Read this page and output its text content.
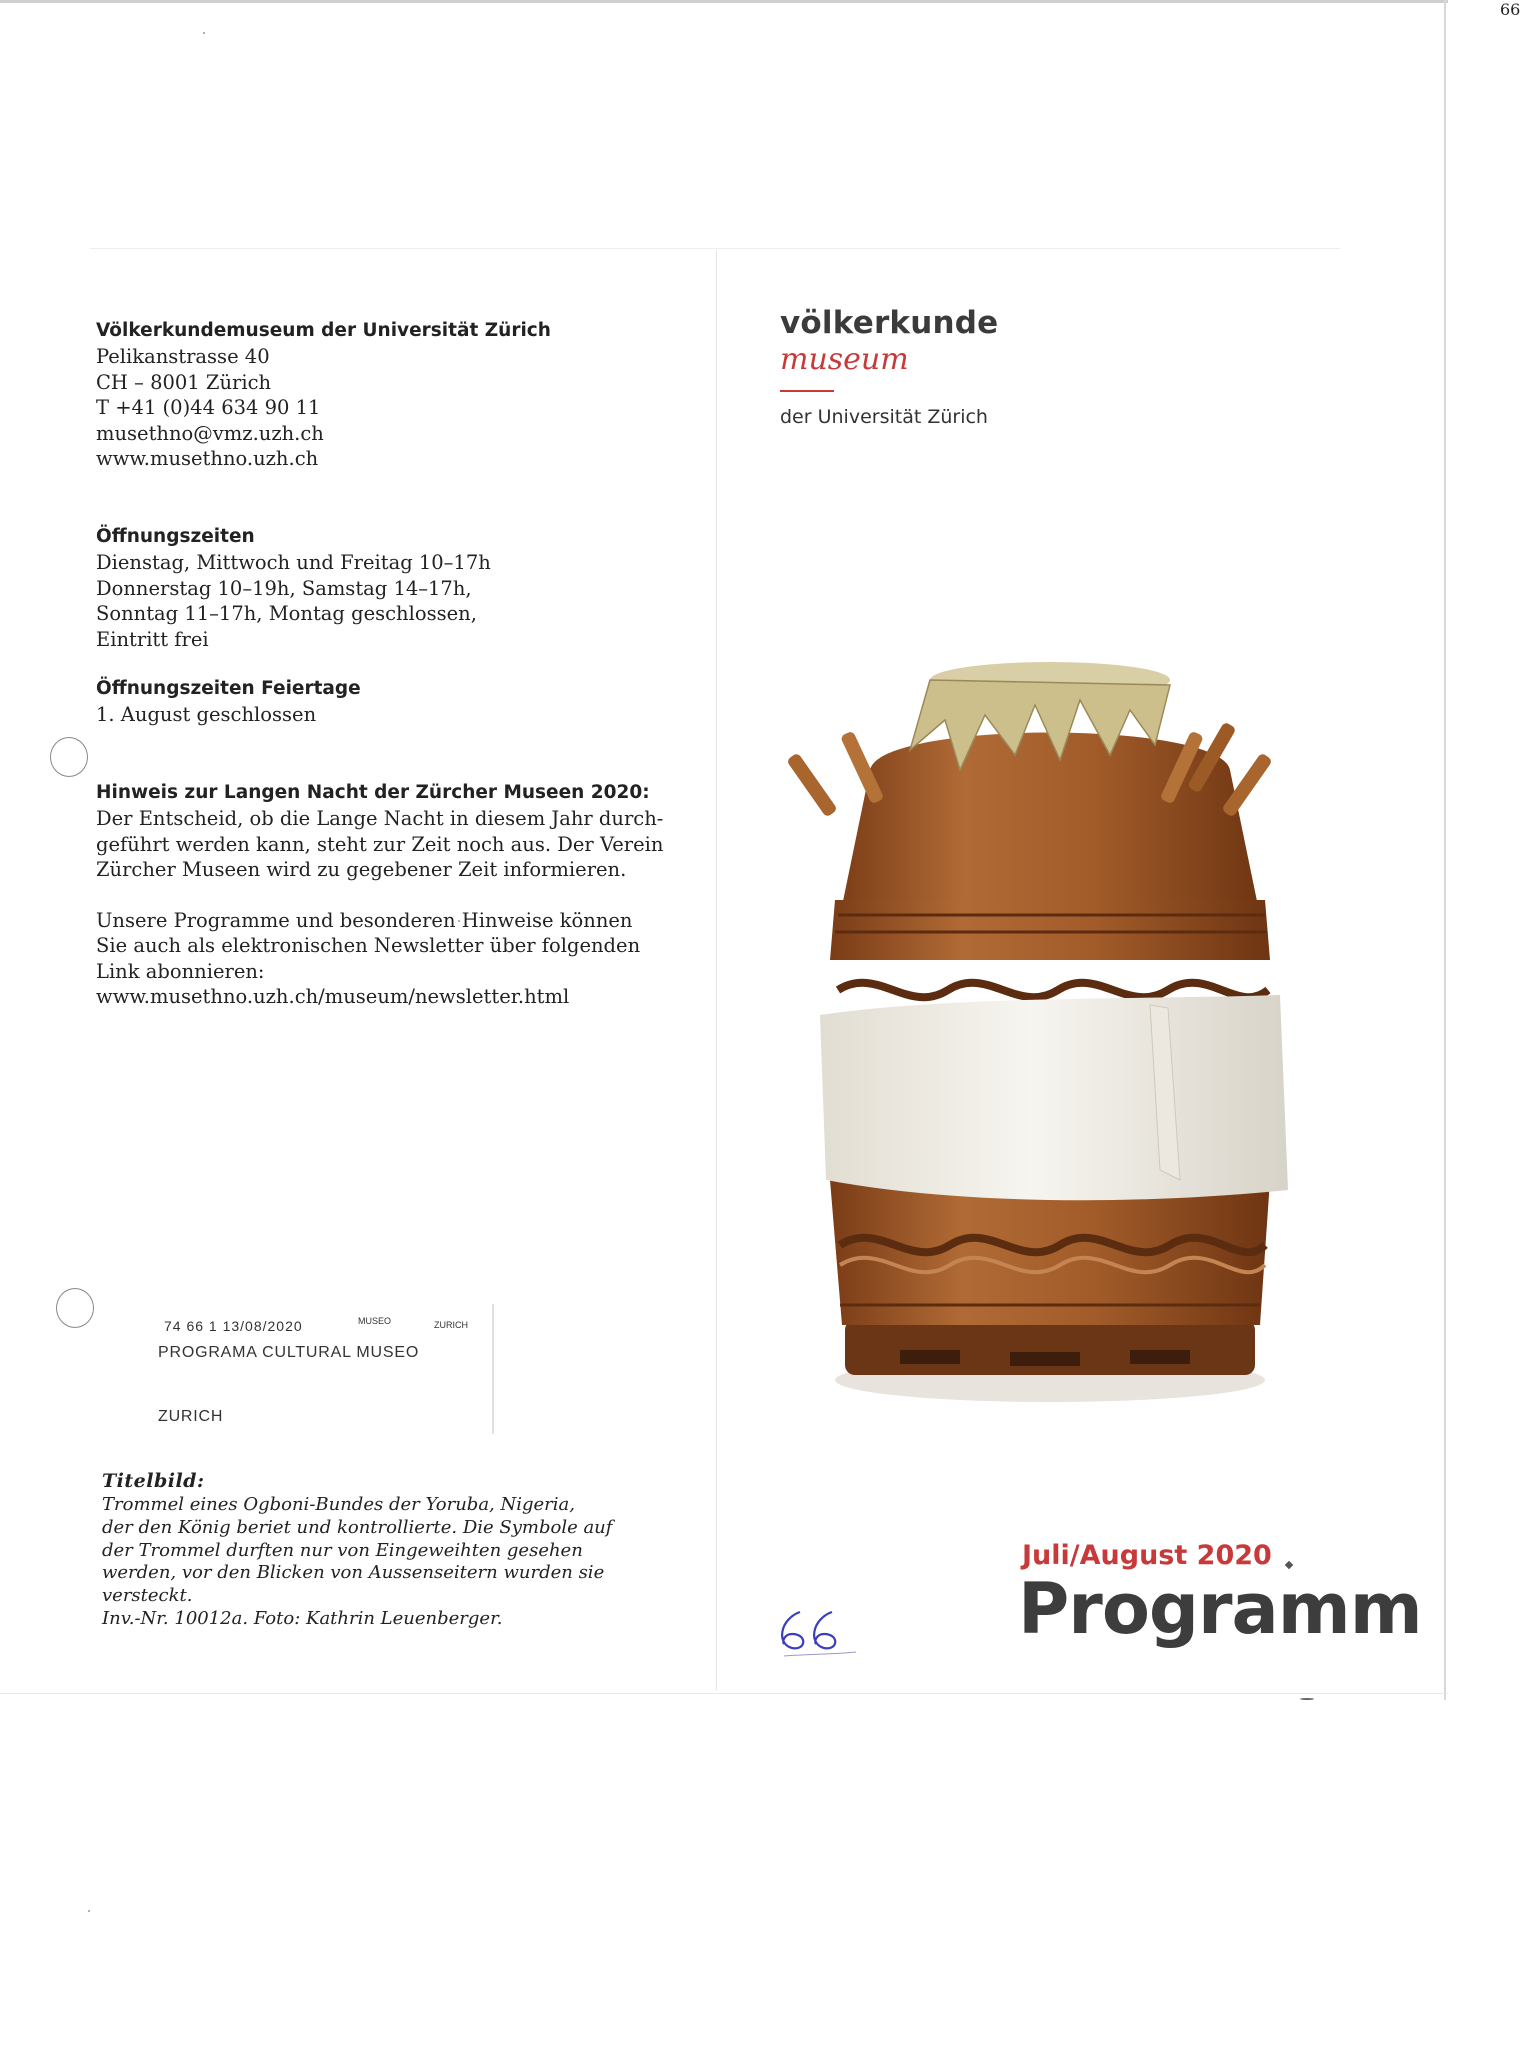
Völkerkundemuseum der Universität Zürich
Pelikanstrasse 40
CH – 8001 Zürich
T +41 (0)44 634 90 11
musethno@vmz.uzh.ch
www.musethno.uzh.ch
Öffnungszeiten
Dienstag, Mittwoch und Freitag 10–17h
Donnerstag 10–19h, Samstag 14–17h,
Sonntag 11–17h, Montag geschlossen,
Eintritt frei
Öffnungszeiten Feiertage
1. August geschlossen
Hinweis zur Langen Nacht der Zürcher Museen 2020:
Der Entscheid, ob die Lange Nacht in diesem Jahr durch-
geführt werden kann, steht zur Zeit noch aus. Der Verein
Zürcher Museen wird zu gegebener Zeit informieren.
Unsere Programme und besonderen Hinweise können
Sie auch als elektronischen Newsletter über folgenden
Link abonnieren:
www.musethno.uzh.ch/museum/newsletter.html
74 66 1 13/08/2020	MUSEO	ZURICH
PROGRAMA CULTURAL MUSEO
ZURICH
Titelbild:
Trommel eines Ogboni-Bundes der Yoruba, Nigeria,
der den König beriet und kontrollierte. Die Symbole auf
der Trommel durften nur von Eingeweihten gesehen
werden, vor den Blicken von Aussenseitern wurden sie
versteckt.
Inv.-Nr. 10012a. Foto: Kathrin Leuenberger.
völkerkunde
museum
der Universität Zürich
Juli/August 2020
Programm
66
